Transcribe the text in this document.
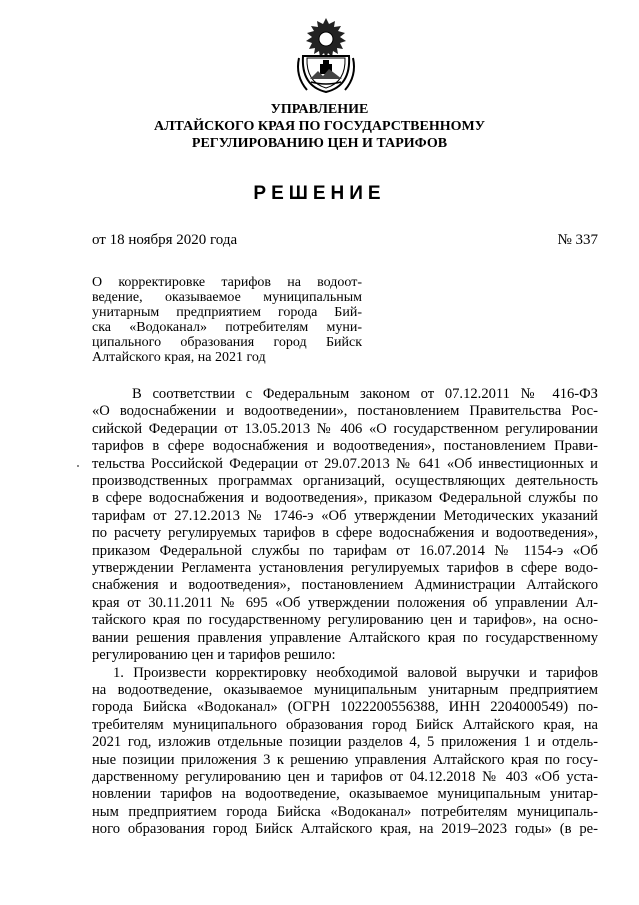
УПРАВЛЕНИЕ
АЛТАЙСКОГО КРАЯ ПО ГОСУДАРСТВЕННОМУ
РЕГУЛИРОВАНИЮ ЦЕН И ТАРИФОВ
РЕШЕНИЕ
от 18 ноября 2020 года	№ 337
О корректировке тарифов на водоот-
ведение, оказываемое муниципальным
унитарным предприятием города Бий-
ска «Водоканал» потребителям муни-
ципального образования город Бийск
Алтайского края, на 2021 год
В соответствии с Федеральным законом от 07.12.2011 № 416-ФЗ
«О водоснабжении и водоотведении», постановлением Правительства Рос-
сийской Федерации от 13.05.2013 № 406 «О государственном регулировании
тарифов в сфере водоснабжения и водоотведения», постановлением Прави-
тельства Российской Федерации от 29.07.2013 № 641 «Об инвестиционных и
производственных программах организаций, осуществляющих деятельность
в сфере водоснабжения и водоотведения», приказом Федеральной службы по
тарифам от 27.12.2013 № 1746-э «Об утверждении Методических указаний
по расчету регулируемых тарифов в сфере водоснабжения и водоотведения»,
приказом Федеральной службы по тарифам от 16.07.2014 № 1154-э «Об
утверждении Регламента установления регулируемых тарифов в сфере водо-
снабжения и водоотведения», постановлением Администрации Алтайского
края от 30.11.2011 № 695 «Об утверждении положения об управлении Ал-
тайского края по государственному регулированию цен и тарифов», на осно-
вании решения правления управление Алтайского края по государственному
регулированию цен и тарифов решило:
1. Произвести корректировку необходимой валовой выручки и тарифов
на водоотведение, оказываемое муниципальным унитарным предприятием
города Бийска «Водоканал» (ОГРН 1022200556388, ИНН 2204000549) по-
требителям муниципального образования город Бийск Алтайского края, на
2021 год, изложив отдельные позиции разделов 4, 5 приложения 1 и отдель-
ные позиции приложения 3 к решению управления Алтайского края по госу-
дарственному регулированию цен и тарифов от 04.12.2018 № 403 «Об уста-
новлении тарифов на водоотведение, оказываемое муниципальным унитар-
ным предприятием города Бийска «Водоканал» потребителям муниципаль-
ного образования город Бийск Алтайского края, на 2019–2023 годы» (в ре-
